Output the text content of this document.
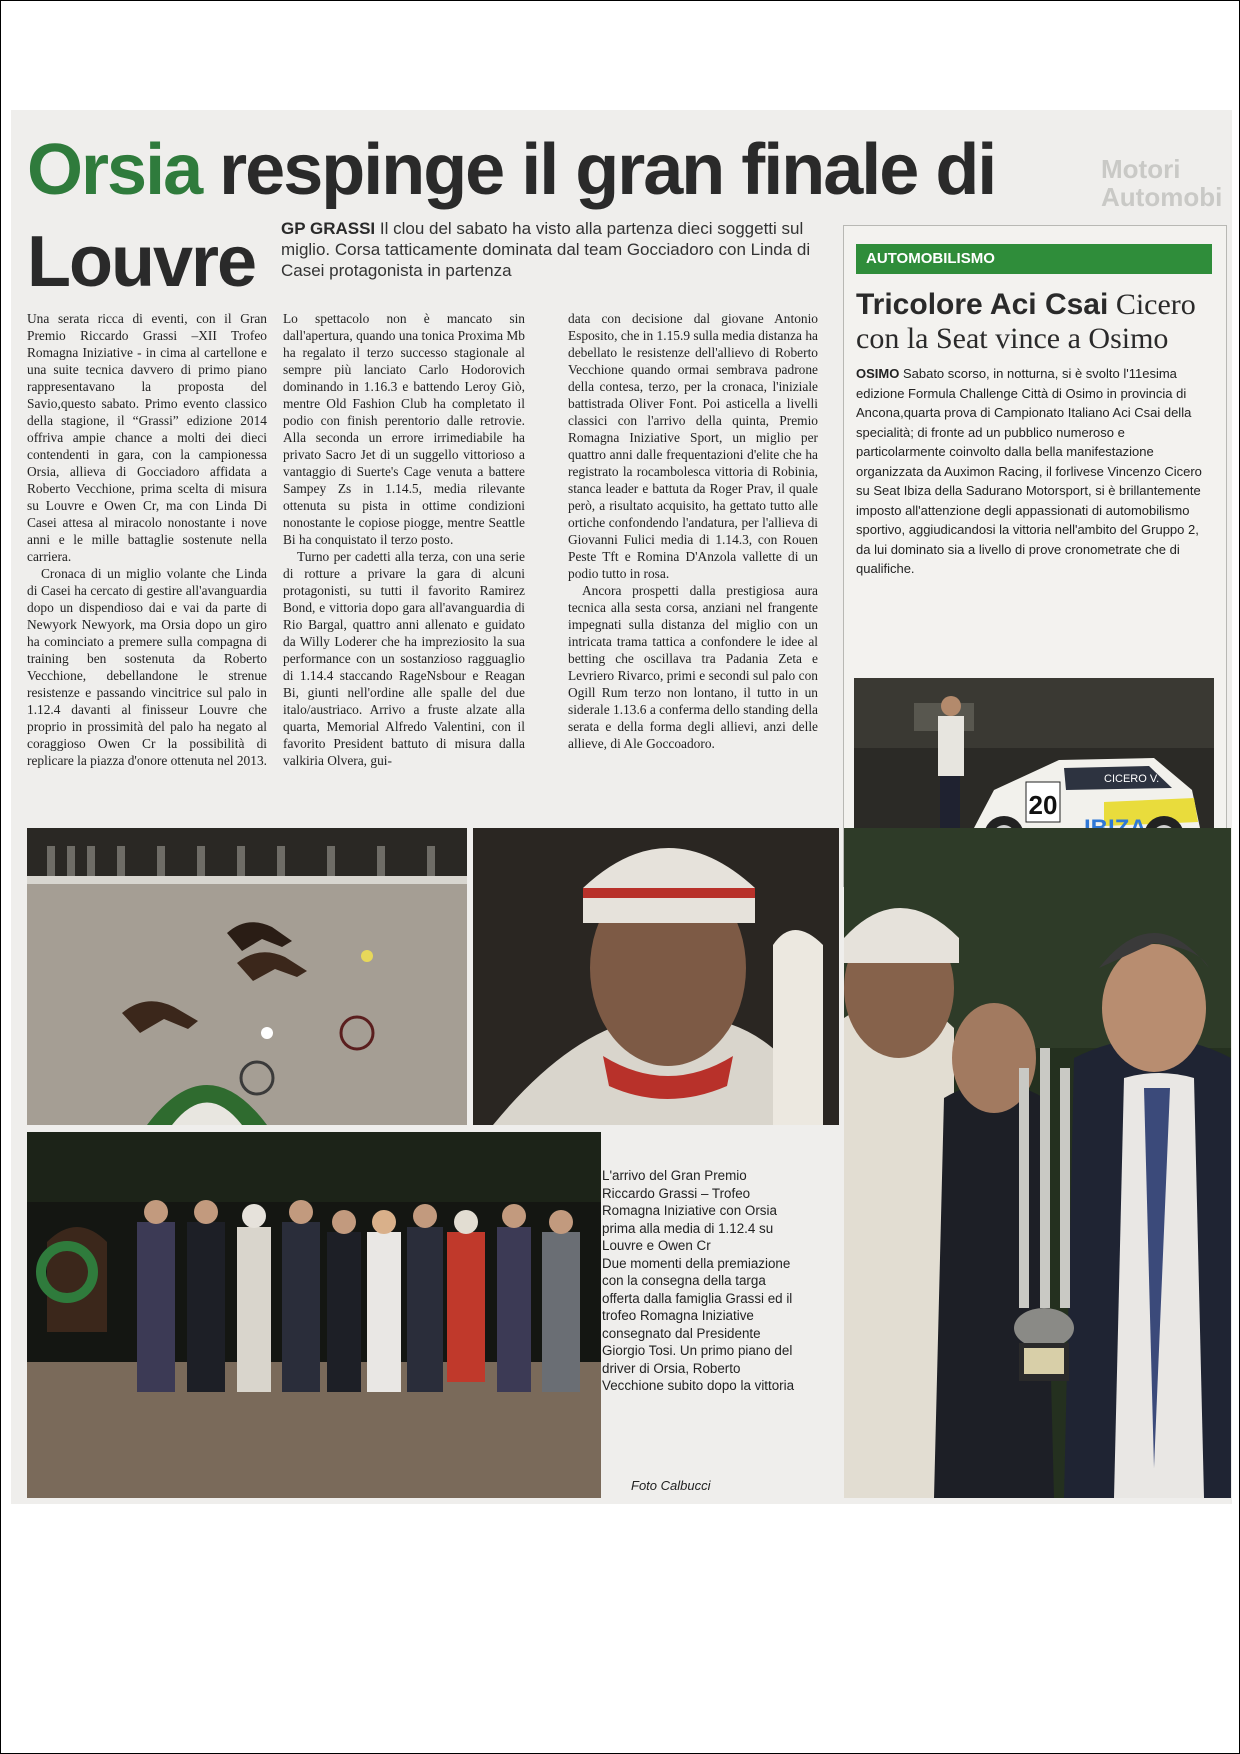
Orsia respinge il gran finale di
Louvre
Motori
Automobi
GP GRASSI Il clou del sabato ha visto alla partenza dieci soggetti sul miglio. Corsa tatticamente dominata dal team Gocciadoro con Linda di Casei protagonista in partenza

Una serata ricca di eventi, con il Gran Premio Riccardo Grassi –XII Trofeo Romagna Iniziative - in cima al cartellone e una suite tecnica davvero di primo piano rappresentavano la proposta del Savio,questo sabato. Primo evento classico della stagione, il “Grassi” edizione 2014 offriva ampie chance a molti dei dieci contendenti in gara, con la campionessa Orsia, allieva di Gocciadoro affidata a Roberto Vecchione, prima scelta di misura su Louvre e Owen Cr, ma con Linda Di Casei attesa al miracolo nonostante i nove anni e le mille battaglie sostenute nella carriera.

Cronaca di un miglio volante che Linda di Casei ha cercato di gestire all'avanguardia dopo un dispendioso dai e vai da parte di Newyork Newyork, ma Orsia dopo un giro ha cominciato a premere sulla compagna di training ben sostenuta da Roberto Vecchione, debellandone le strenue resistenze e passando vincitrice sul palo in 1.12.4 davanti al finisseur Louvre che proprio in prossimità del palo ha negato al coraggioso Owen Cr la possibilità di replicare la piazza d'onore ottenuta nel 2013.

Lo spettacolo non è mancato sin dall'apertura, quando una tonica Proxima Mb ha regalato il terzo successo stagionale al sempre più lanciato Carlo Hodorovich dominando in 1.16.3 e battendo Leroy Giò, mentre Old Fashion Club ha completato il podio con finish perentorio dalle retrovie. Alla seconda un errore irrimediabile ha privato Sacro Jet di un suggello vittorioso a vantaggio di Suerte's Cage venuta a battere Sampey Zs in 1.14.5, media rilevante ottenuta su pista in ottime condizioni nonostante le copiose piogge, mentre Seattle Bi ha conquistato il terzo posto.

Turno per cadetti alla terza, con una serie di rotture a privare la gara di alcuni protagonisti, su tutti il favorito Ramirez Bond, e vittoria dopo gara all'avanguardia di Rio Bargal, quattro anni allenato e guidato da Willy Loderer che ha impreziosito la sua performance con un sostanzioso ragguaglio di 1.14.4 staccando RageNsbour e Reagan Bi, giunti nell'ordine alle spalle del due italo/austriaco. Arrivo a fruste alzate alla quarta, Memorial Alfredo Valentini, con il favorito President battuto di misura dalla valkiria Olvera, gui-

data con decisione dal giovane Antonio Esposito, che in 1.15.9 sulla media distanza ha debellato le resistenze dell'allievo di Roberto Vecchione quando ormai sembrava padrone della contesa, terzo, per la cronaca, l'iniziale battistrada Oliver Font. Poi asticella a livelli classici con l'arrivo della quinta, Premio Romagna Iniziative Sport, un miglio per quattro anni dalle frequentazioni d'elite che ha registrato la rocambolesca vittoria di Robinia, stanca leader e battuta da Roger Prav, il quale però, a risultato acquisito, ha gettato tutto alle ortiche confondendo l'andatura, per l'allieva di Giovanni Fulici media di 1.14.3, con Rouen Peste Tft e Romina D'Anzola vallette di un podio tutto in rosa.

Ancora prospetti dalla prestigiosa aura tecnica alla sesta corsa, anziani nel frangente impegnati sulla distanza del miglio con un intricata trama tattica a confondere le idee al betting che oscillava tra Padania Zeta e Levriero Rivarco, primi e secondi sul palo con Ogill Rum terzo non lontano, il tutto in un siderale 1.13.6 a conferma dello standing della serata e della forma degli allievi, anzi delle allieve, di Ale Goccoadoro.

AUTOMOBILISMO
Tricolore Aci Csai Cicero con la Seat vince a Osimo
OSIMO Sabato scorso, in notturna, si è svolto l'11esima edizione Formula Challenge Città di Osimo in provincia di Ancona,quarta prova di Campionato Italiano Aci Csai della specialità; di fronte ad un pubblico numeroso e particolarmente coinvolto dalla bella manifestazione organizzata da Auximon Racing, il forlivese Vincenzo Cicero su Seat Ibiza della Sadurano Motorsport, si è brillantemente imposto all'attenzione degli appassionati di automobilismo sportivo, aggiudicandosi la vittoria nell'ambito del Gruppo 2, da lui dominato sia a livello di prove cronometrate che di qualifiche.
20
CICERO V.
L'arrivo del Gran Premio Riccardo Grassi – Trofeo Romagna Iniziative con Orsia prima alla media di 1.12.4 su Louvre e Owen Cr
Due momenti della premiazione con la consegna della targa offerta dalla famiglia Grassi ed il trofeo Romagna Iniziative consegnato dal Presidente Giorgio Tosi. Un primo piano del driver di Orsia, Roberto Vecchione subito dopo la vittoria
Foto Calbucci
